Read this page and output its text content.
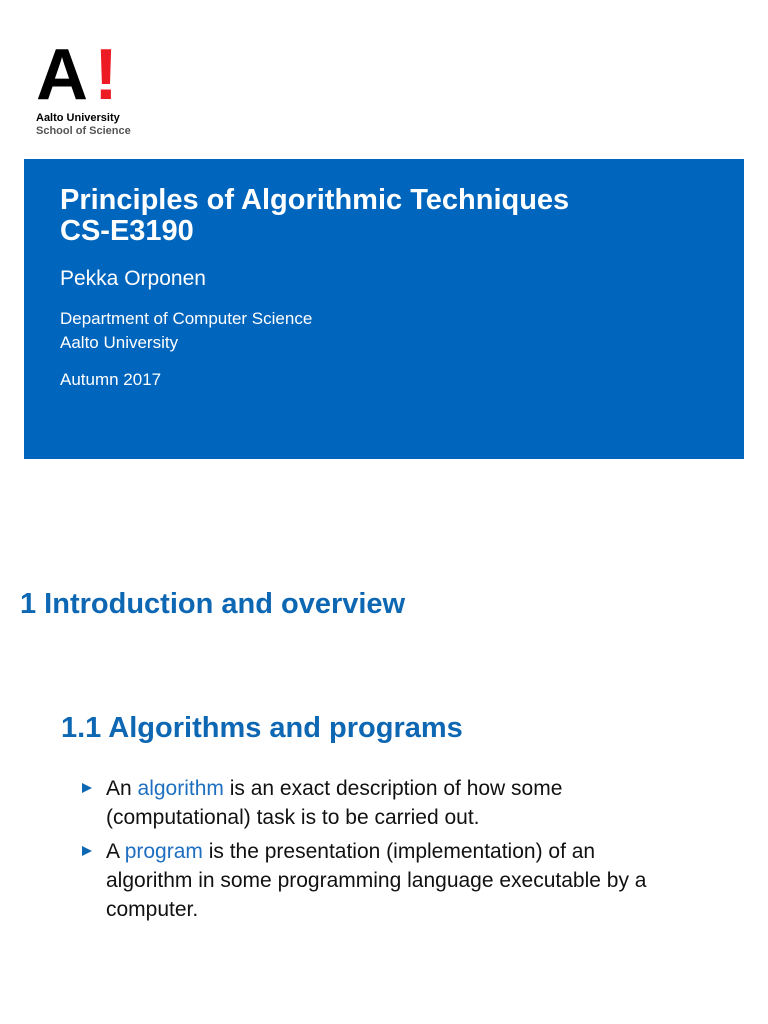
A !
Aalto University
School of Science
Principles of Algorithmic Techniques
CS-E3190
Pekka Orponen
Department of Computer Science
Aalto University
Autumn 2017
1 Introduction and overview
1.1 Algorithms and programs
An algorithm is an exact description of how some
(computational) task is to be carried out.
A program is the presentation (implementation) of an
algorithm in some programming language executable by a
computer.
